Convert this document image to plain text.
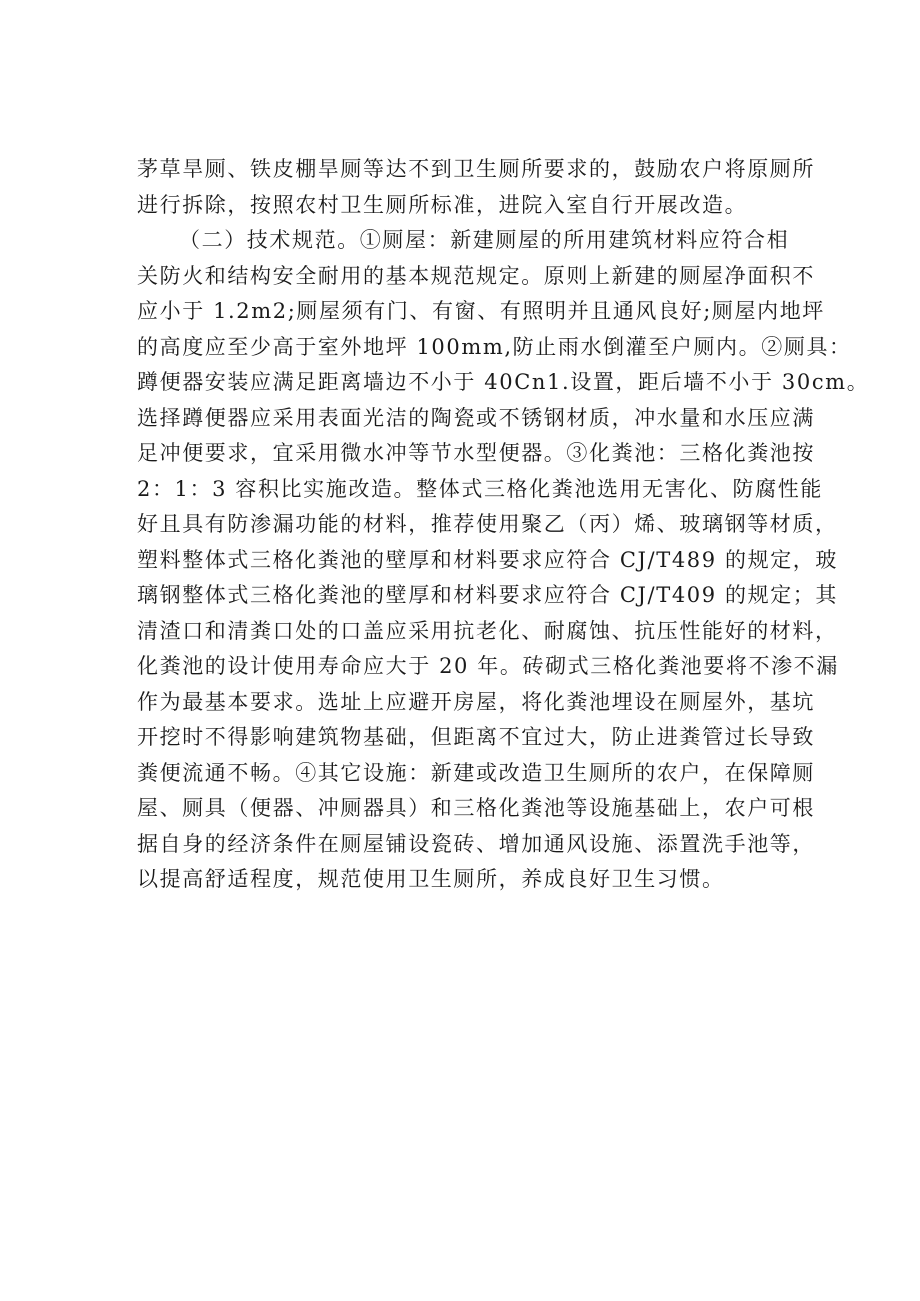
茅草旱厕、铁皮棚旱厕等达不到卫生厕所要求的，鼓励农户将原厕所
进行拆除，按照农村卫生厕所标准，进院入室自行开展改造。
（二）技术规范。①厕屋：新建厕屋的所用建筑材料应符合相
关防火和结构安全耐用的基本规范规定。原则上新建的厕屋净面积不
应小于 1.2m2;厕屋须有门、有窗、有照明并且通风良好;厕屋内地坪
的高度应至少高于室外地坪 100mm,防止雨水倒灌至户厕内。②厕具：
蹲便器安装应满足距离墙边不小于 40Cn1.设置，距后墙不小于 30cm。
选择蹲便器应采用表面光洁的陶瓷或不锈钢材质，冲水量和水压应满
足冲便要求，宜采用微水冲等节水型便器。③化粪池：三格化粪池按
2：1：3 容积比实施改造。整体式三格化粪池选用无害化、防腐性能
好且具有防渗漏功能的材料，推荐使用聚乙（丙）烯、玻璃钢等材质，
塑料整体式三格化粪池的壁厚和材料要求应符合 CJ/T489 的规定，玻
璃钢整体式三格化粪池的壁厚和材料要求应符合 CJ/T409 的规定；其
清渣口和清粪口处的口盖应采用抗老化、耐腐蚀、抗压性能好的材料，
化粪池的设计使用寿命应大于 20 年。砖砌式三格化粪池要将不渗不漏
作为最基本要求。选址上应避开房屋，将化粪池埋设在厕屋外，基坑
开挖时不得影响建筑物基础，但距离不宜过大，防止进粪管过长导致
粪便流通不畅。④其它设施：新建或改造卫生厕所的农户，在保障厕
屋、厕具（便器、冲厕器具）和三格化粪池等设施基础上，农户可根
据自身的经济条件在厕屋铺设瓷砖、增加通风设施、添置洗手池等，
以提高舒适程度，规范使用卫生厕所，养成良好卫生习惯。
